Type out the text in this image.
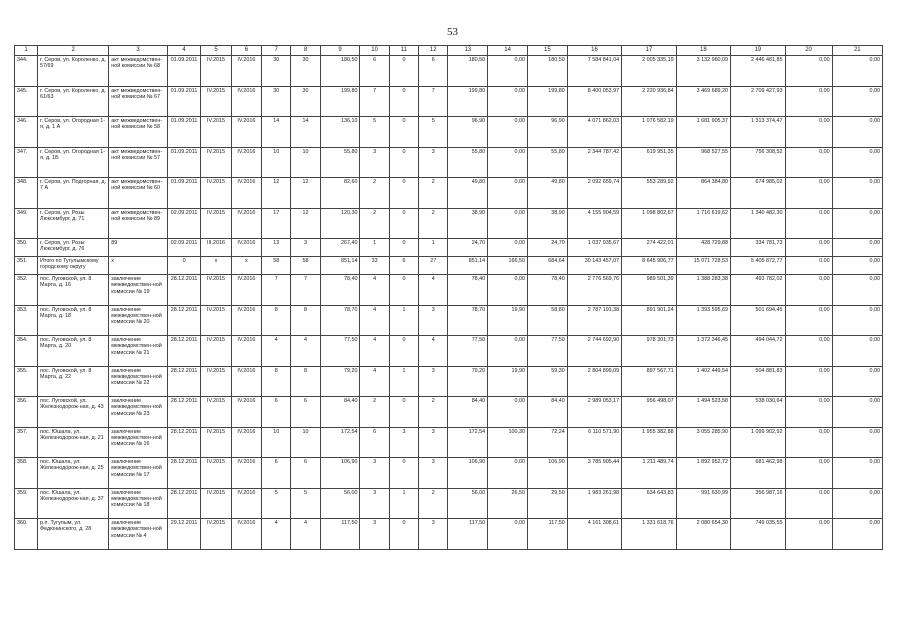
53
1	2	3	4	5	6	7	8	9	10	11	12	13	14	15	16	17	18	19	20	21
344.	г. Серов, ул. Короленко, д. 57/69	акт межведомствен-ной комиссии № 68	01.09.2011	IV.2015	IV.2016	30	30	180,50	6	0	6	180,50	0,00	180,50	7 584 841,04	2 005 335,19	3 132 960,09	2 446 481,85	0,00	0,00
345.	г. Серов, ул. Короленко, д. 61/63	акт межведомствен-ной комиссии № 67	01.09.2011	IV.2015	IV.2016	30	30	199,80	7	0	7	199,80	0,00	199,80	8 400 053,97	2 220 936,84	3 469 689,20	2 709 427,93	0,00	0,00
346.	г. Серов, ул. Огородная 1-я, д. 1 А	акт межведомствен-ной комиссии № 58	01.09.2011	IV.2015	IV.2016	14	14	136,10	5	0	5	96,90	0,00	96,90	4 071 862,03	1 076 582,19	1 681 905,37	1 313 374,47	0,00	0,00
347.	г. Серов, ул. Огородная 1-я, д. 1Б	акт межведомствен-ной комиссии № 57	01.09.2011	IV.2015	IV.2016	10	10	55,80	3	0	3	55,80	0,00	55,80	2 344 787,42	619 951,35	968 527,55	756 308,52	0,00	0,00
348.	г. Серов, ул. Подгорная, д. 7 А	акт межведомствен-ной комиссии № 60	01.09.2011	IV.2015	IV.2016	12	12	82,60	2	0	2	49,80	0,00	49,80	2 092 659,74	553 289,92	864 384,80	674 985,02	0,00	0,00
349.	г. Серов, ул. Розы Люксембург, д. 71	акт межведомствен-ной комиссии № 89	02.09.2011	IV.2015	IV.2016	17	12	120,30	2	0	2	38,90	0,00	38,90	4 155 904,59	1 098 802,67	1 716 619,62	1 340 482,30	0,00	0,00
350.	г. Серов, ул. Розы Люксембург, д. 76	89	02.09.2011	III.2016	IV.2016	13	3	267,40	1	0	1	24,70	0,00	24,70	1 037 935,67	274 422,01	428 729,88	334 781,73	0,00	0,00
351.	Итого по Тугулымскому городскому округу	x	0	x	x	58	58	851,14	33	6	27	851,14	166,50	684,64	30 143 457,07	8 645 906,77	15 071 728,53	5 405 872,77	0,00	0,00
352.	пос. Луговской, ул. 8 Марта, д. 16	заключение межведомствен-ной комиссии № 19	28.12.2011	IV.2015	IV.2016	7	7	78,40	4	0	4	78,40	0,00	78,40	2 776 569,76	989 501,39	1 388 283,38	493 782,02	0,00	0,00
353.	пос. Луговской, ул. 8 Марта, д. 18	заключение межведомствен-ной комиссии № 20	28.12.2011	IV.2015	IV.2016	8	8	78,70	4	1	3	78,70	19,90	58,80	2 787 191,38	891 901,24	1 393 595,69	501 694,45	0,00	0,00
354.	пос. Луговской, ул. 8 Марта, д. 20	заключение межведомствен-ной комиссии № 21	28.12.2011	IV.2015	IV.2016	4	4	77,50	4	0	4	77,50	0,00	77,50	2 744 692,90	978 301,73	1 372 346,45	494 044,72	0,00	0,00
355.	пос. Луговской, ул. 8 Марта, д. 22	заключение межведомствен-ной комиссии № 22	28.12.2011	IV.2015	IV.2016	8	8	79,20	4	1	3	79,20	19,90	59,30	2 804 899,09	897 567,71	1 402 449,54	504 881,83	0,00	0,00
356.	пос. Луговской, ул. Железнодорож-ная, д. 43	заключение межведомствен-ной комиссии № 23	28.12.2011	IV.2015	IV.2016	6	6	84,40	2	0	2	84,40	0,00	84,40	2 989 053,17	956 498,07	1 494 523,58	538 030,64	0,00	0,00
357.	пос. Юшала, ул. Железнодорож-ная, д. 21	заключение межведомствен-ной комиссии № 16	28.12.2011	IV.2015	IV.2016	10	10	172,54	6	3	3	172,54	100,30	72,24	6 110 571,90	1 955 382,88	3 055 285,90	1 099 902,92	0,00	0,00
358.	пос. Юшала, ул. Железнодорож-ная, д. 25	заключение межведомствен-ной комиссии № 17	28.12.2011	IV.2015	IV.2016	6	6	106,90	3	0	3	106,90	0,00	106,90	3 785 905,44	1 211 489,74	1 892 952,72	681 462,98	0,00	0,00
359.	пос. Юшала, ул. Железнодорож-ная, д. 37	заключение межведомствен-ной комиссии № 18	28.12.2011	IV.2015	IV.2016	5	5	56,00	3	1	2	56,00	26,50	29,50	1 983 261,98	634 643,83	991 630,99	356 987,16	0,00	0,00
360.	р.п. Тугулым, ул. Федюнинского, д. 28	заключение межведомствен-ной комиссии № 4	29.12.2011	IV.2015	IV.2016	4	4	117,50	3	0	3	117,50	0,00	117,50	4 161 308,61	1 331 618,76	2 080 654,30	749 035,55	0,00	0,00
